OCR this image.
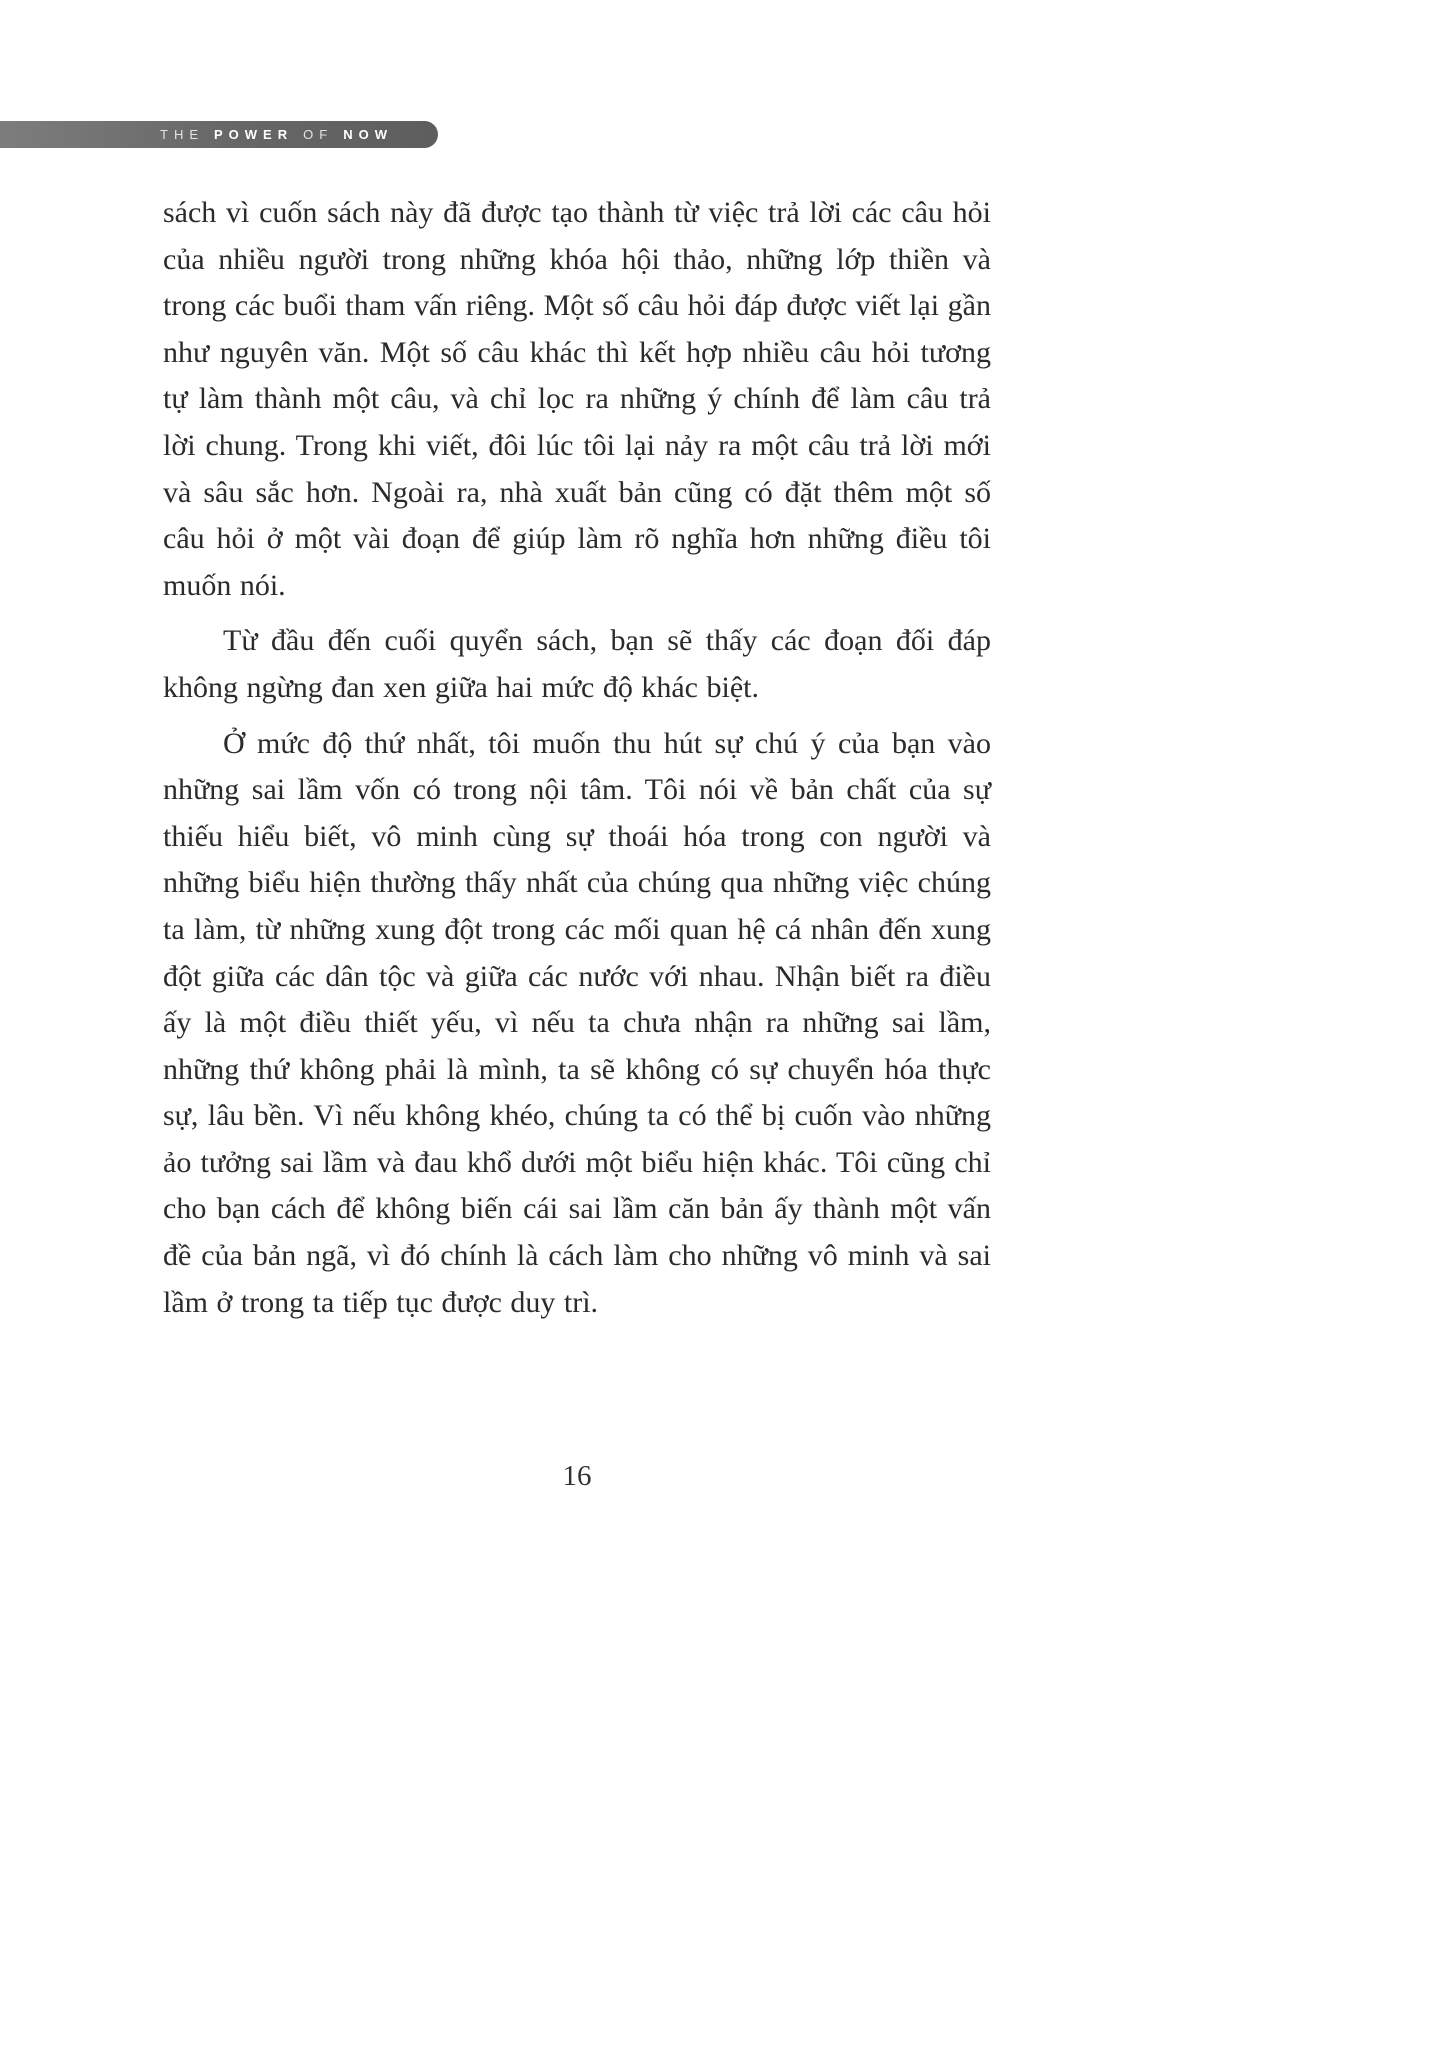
THE POWER OF NOW

sách vì cuốn sách này đã được tạo thành từ việc trả lời các câu hỏi của nhiều người trong những khóa hội thảo, những lớp thiền và trong các buổi tham vấn riêng. Một số câu hỏi đáp được viết lại gần như nguyên văn. Một số câu khác thì kết hợp nhiều câu hỏi tương tự làm thành một câu, và chỉ lọc ra những ý chính để làm câu trả lời chung. Trong khi viết, đôi lúc tôi lại nảy ra một câu trả lời mới và sâu sắc hơn. Ngoài ra, nhà xuất bản cũng có đặt thêm một số câu hỏi ở một vài đoạn để giúp làm rõ nghĩa hơn những điều tôi muốn nói.

Từ đầu đến cuối quyển sách, bạn sẽ thấy các đoạn đối đáp không ngừng đan xen giữa hai mức độ khác biệt.

Ở mức độ thứ nhất, tôi muốn thu hút sự chú ý của bạn vào những sai lầm vốn có trong nội tâm. Tôi nói về bản chất của sự thiếu hiểu biết, vô minh cùng sự thoái hóa trong con người và những biểu hiện thường thấy nhất của chúng qua những việc chúng ta làm, từ những xung đột trong các mối quan hệ cá nhân đến xung đột giữa các dân tộc và giữa các nước với nhau. Nhận biết ra điều ấy là một điều thiết yếu, vì nếu ta chưa nhận ra những sai lầm, những thứ không phải là mình, ta sẽ không có sự chuyển hóa thực sự, lâu bền. Vì nếu không khéo, chúng ta có thể bị cuốn vào những ảo tưởng sai lầm và đau khổ dưới một biểu hiện khác. Tôi cũng chỉ cho bạn cách để không biến cái sai lầm căn bản ấy thành một vấn đề của bản ngã, vì đó chính là cách làm cho những vô minh và sai lầm ở trong ta tiếp tục được duy trì.

16
